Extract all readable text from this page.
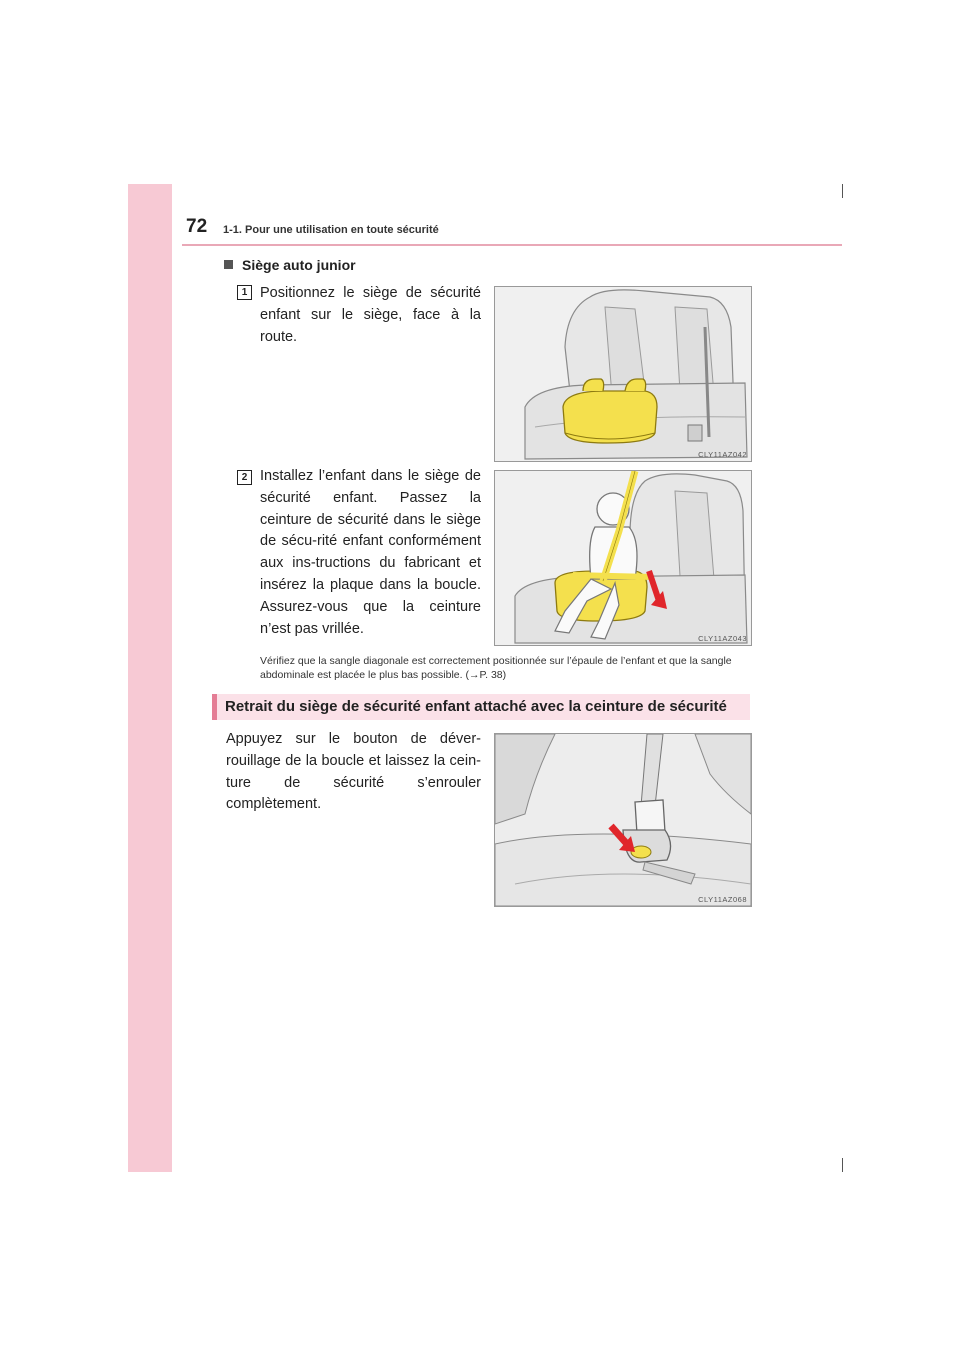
72 1-1. Pour une utilisation en toute sécurité
Siège auto junior
1 Positionnez le siège de sécurité enfant sur le siège, face à la route.
CLY11AZ042
2 Installez l’enfant dans le siège de sécurité enfant. Passez la ceinture de sécurité dans le siège de sécu-rité enfant conformément aux ins-tructions du fabricant et insérez la plaque dans la boucle. Assurez-vous que la ceinture n’est pas vrillée.
CLY11AZ043
Vérifiez que la sangle diagonale est correctement positionnée sur l’épaule de l’enfant et que la sangle abdominale est placée le plus bas possible. (→P. 38)
Retrait du siège de sécurité enfant attaché avec la ceinture de sécurité
Appuyez sur le bouton de déver-rouillage de la boucle et laissez la cein-ture de sécurité s’enrouler complètement.
CLY11AZ068
